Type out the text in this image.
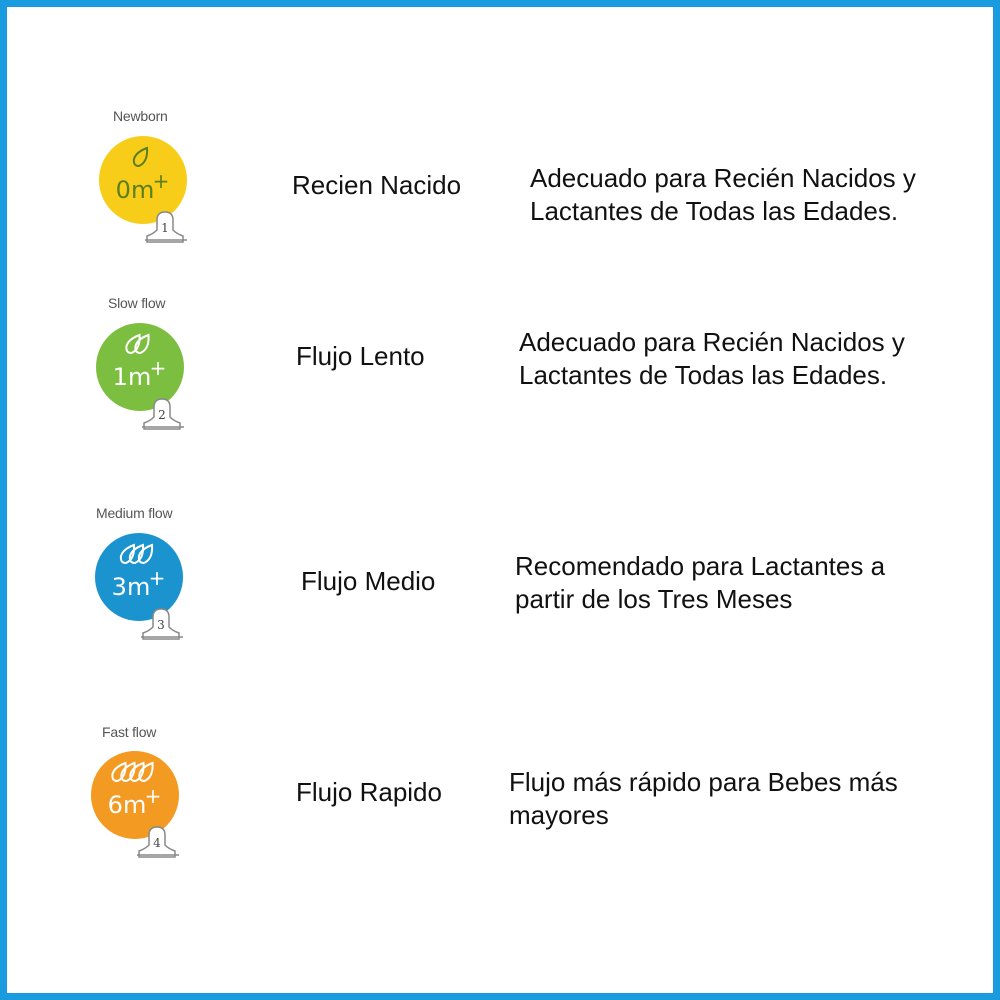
Newborn
0m
+
1
Recien Nacido	Adecuado para Recién Nacidos y Lactantes de Todas las Edades.
Slow flow
1m
+
2
Flujo Lento	Adecuado para Recién Nacidos y Lactantes de Todas las Edades.
Medium flow
3m
+
3
Flujo Medio	Recomendado para Lactantes a partir de los Tres Meses
Fast flow
6m
+
4
Flujo Rapido	Flujo más rápido para Bebes más mayores
